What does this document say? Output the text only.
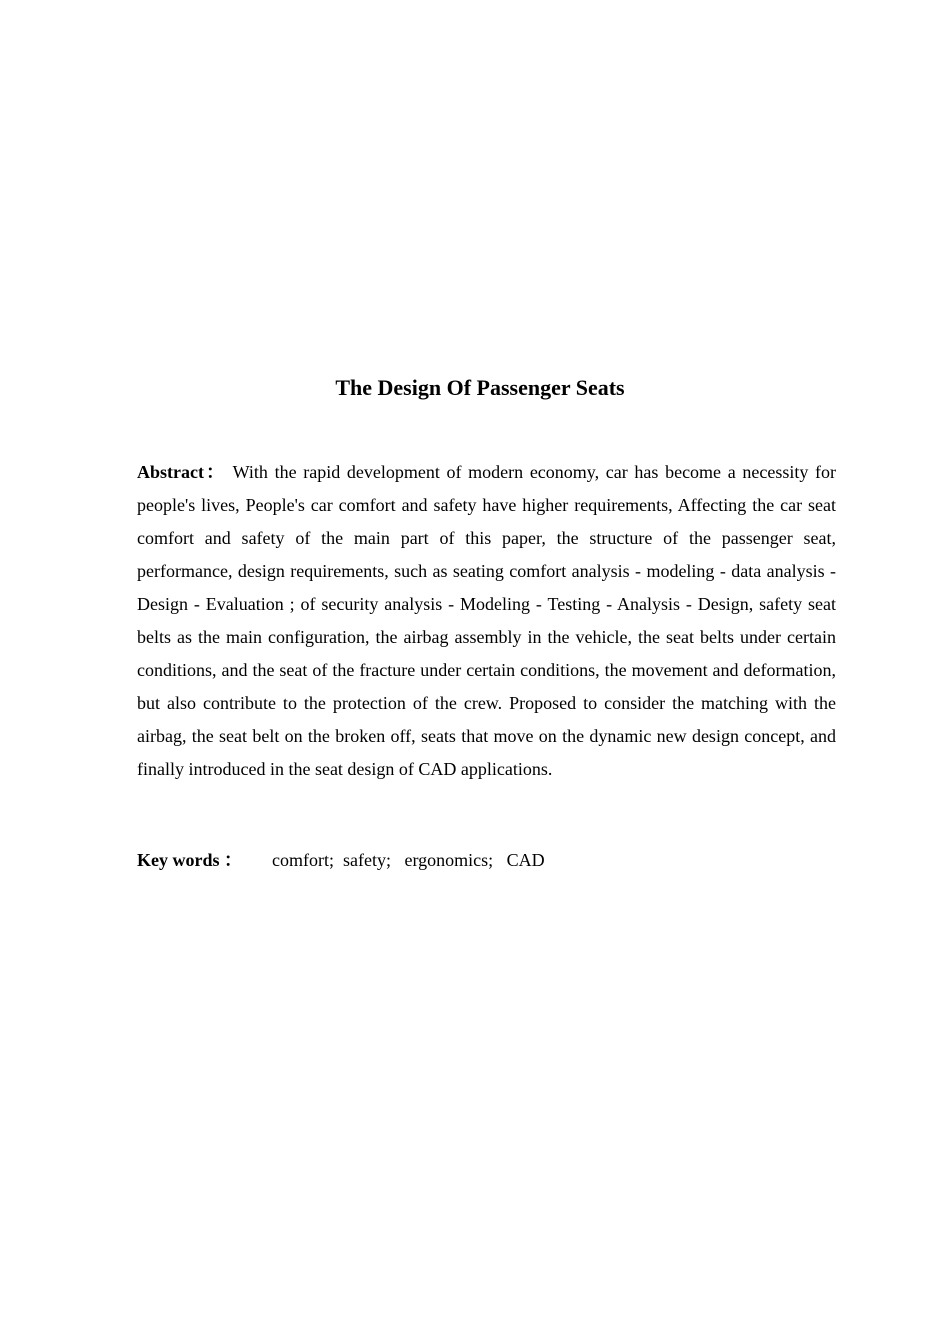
The Design Of Passenger Seats

Abstract： With the rapid development of modern economy, car has become a necessity for people's lives, People's car comfort and safety have higher requirements, Affecting the car seat comfort and safety of the main part of this paper, the structure of the passenger seat, performance, design requirements, such as seating comfort analysis - modeling - data analysis - Design - Evaluation ; of security analysis - Modeling - Testing - Analysis - Design, safety seat belts as the main configuration, the airbag assembly in the vehicle, the seat belts under certain conditions, and the seat of the fracture under certain conditions, the movement and deformation, but also contribute to the protection of the crew. Proposed to consider the matching with the airbag, the seat belt on the broken off, seats that move on the dynamic new design concept, and finally introduced in the seat design of CAD applications.

Key words ： comfort;  safety;   ergonomics;   CAD
